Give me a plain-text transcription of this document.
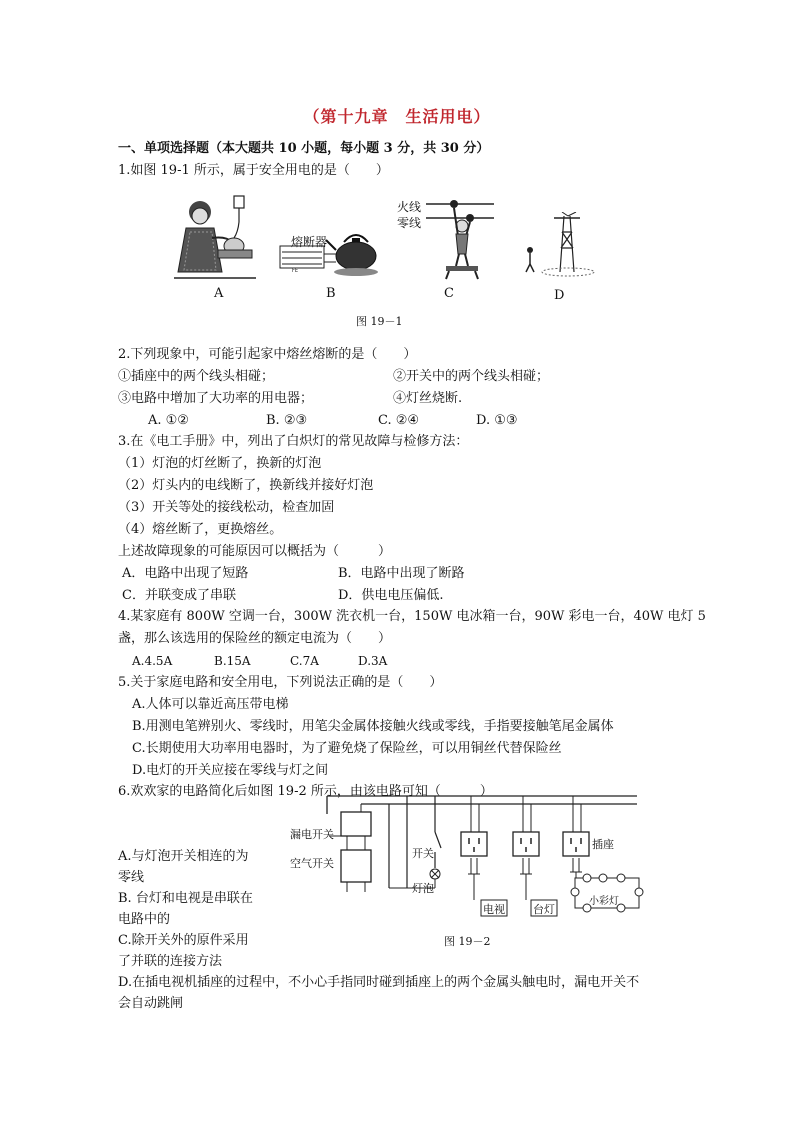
（第十九章　生活用电）
一、单项选择题（本大题共 10 小题，每小题 3 分，共 30 分）
1.如图 19-1 所示，属于安全用电的是（　　）
FE
熔断器
火线
零线
A	B	C	D
图 19－1
2.下列现象中，可能引起家中熔丝熔断的是（　　）
①插座中的两个线头相碰；	②开关中的两个线头相碰；
③电路中增加了大功率的用电器；	④灯丝烧断.
A. ①②	B. ②③	C. ②④	D. ①③
3.在《电工手册》中，列出了白炽灯的常见故障与检修方法：
（1）灯泡的灯丝断了，换新的灯泡
（2）灯头内的电线断了，换新线并接好灯泡
（3）开关等处的接线松动，检查加固
（4）熔丝断了，更换熔丝。
上述故障现象的可能原因可以概括为（　　　）
A．电路中出现了短路	B．电路中出现了断路
C．并联变成了串联	D．供电电压偏低.
4.某家庭有 800W 空调一台，300W 洗衣机一台，150W 电冰箱一台，90W 彩电一台，40W 电灯 5
盏，那么该选用的保险丝的额定电流为（　　）
A.4.5A	B.15A	C.7A	D.3A
5.关于家庭电路和安全用电，下列说法正确的是（　　）
A.人体可以靠近高压带电梯
B.用测电笔辨别火、零线时，用笔尖金属体接触火线或零线，手指要接触笔尾金属体
C.长期使用大功率用电器时，为了避免烧了保险丝，可以用铜丝代替保险丝
D.电灯的开关应接在零线与灯之间
6.欢欢家的电路简化后如图 19-2 所示，由该电路可知（　　　）
A.与灯泡开关相连的为
零线
B. 台灯和电视是串联在
电路中的
C.除开关外的原件采用
了并联的连接方法
D.在插电视机插座的过程中，不小心手指同时碰到插座上的两个金属头触电时，漏电开关不
会自动跳闸
漏电开关
空气开关
开关
灯泡
电视	台灯
插座
小彩灯
图 19－2
